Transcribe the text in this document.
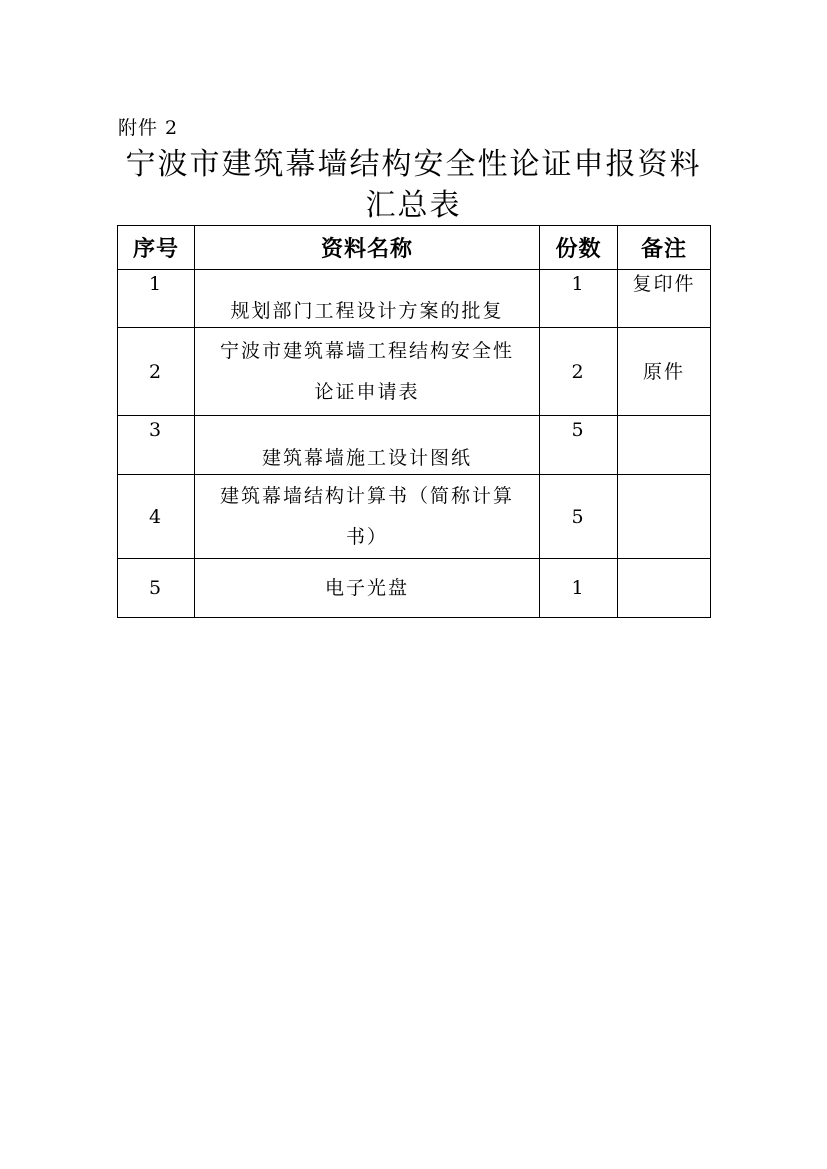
附件 2
宁波市建筑幕墙结构安全性论证申报资料
汇总表
序号	资料名称	份数	备注
1	规划部门工程设计方案的批复	1	复印件
2	宁波市建筑幕墙工程结构安全性
论证申请表	2	原件
3	建筑幕墙施工设计图纸	5	
4	建筑幕墙结构计算书（简称计算
书）	5	
5	电子光盘	1	
